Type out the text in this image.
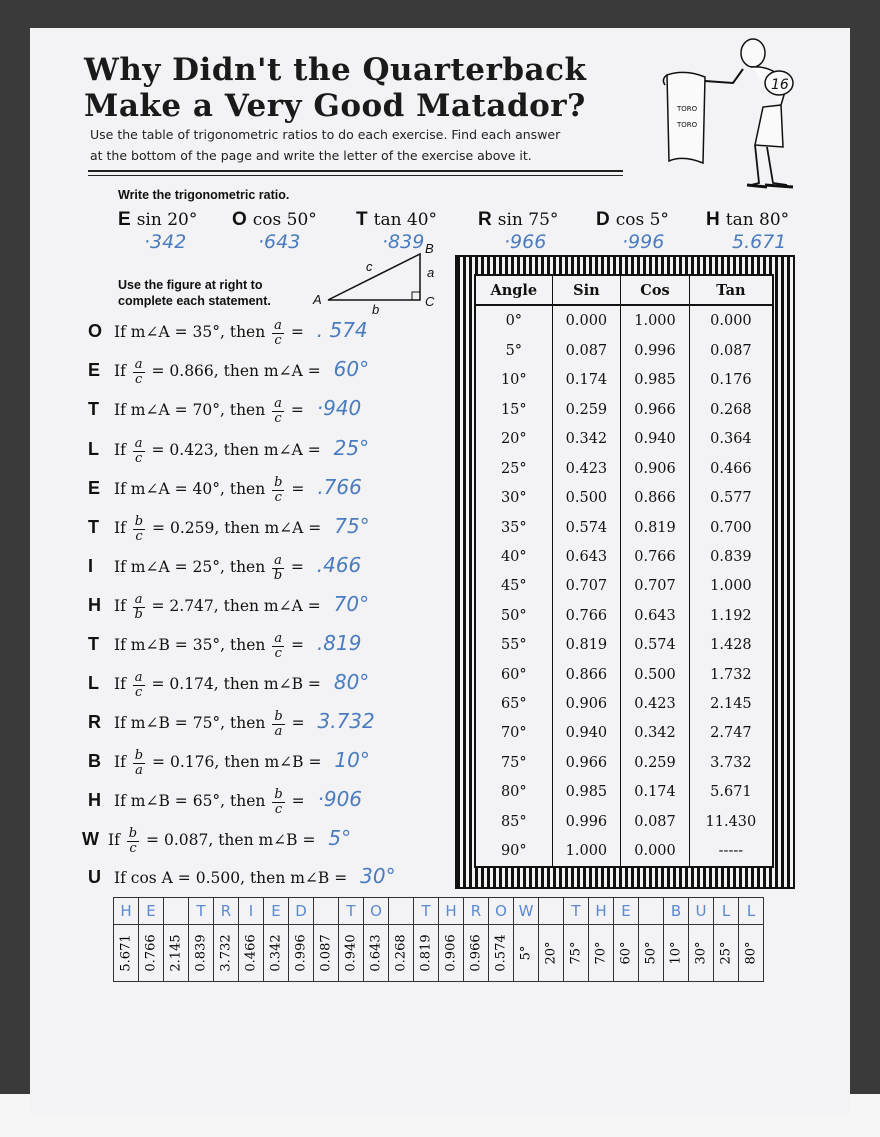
Why Didn't the Quarterback
Make a Very Good Matador?
Use the table of trigonometric ratios to do each exercise. Find each answer
at the bottom of the page and write the letter of the exercise above it.
TORO
TORO
16
Write the trigonometric ratio.
E sin 20°
·342
O cos 50°
·643
T tan 40°
·839
R sin 75°
·966
D cos 5°
·996
H tan 80°
5.671
Use the figure at right to
complete each statement.	A
B
C
a
b
c
O If m∠A = 35°, then $\frac{a}{c}$ = . 574
E If $\frac{a}{c} = 0.866$, then m∠A = 60°
T If m∠A = 70°, then $\frac{a}{c} = \cdot 940$
L If $\frac{a}{c} = 0.423$, then m∠A = 25°
E If m∠A = 40°, then $\frac{b}{c} = .766$
T If $\frac{b}{c} = 0.259$, then m∠A = 75°
I If m∠A = 25°, then $\frac{a}{b} = .466$
H If $\frac{a}{b} = 2.747$, then m∠A = 70°
T If m∠B = 35°, then $\frac{a}{c} = .819$
L If $\frac{a}{c} = 0.174$, then m∠B = 80°
R If m∠B = 75°, then $\frac{b}{a} = 3.732$
B If $\frac{b}{a} = 0.176$, then m∠B = 10°
H If m∠B = 65°, then $\frac{b}{c} = \cdot 906$
W If $\frac{b}{c} = 0.087$, then m∠B = 5°
U If cos A = 0.500, then m∠B = 30°
Angle	Sin	Cos	Tan
0°	0.000	1.000	0.000
5°	0.087	0.996	0.087
10°	0.174	0.985	0.176
15°	0.259	0.966	0.268
20°	0.342	0.940	0.364
25°	0.423	0.906	0.466
30°	0.500	0.866	0.577
35°	0.574	0.819	0.700
40°	0.643	0.766	0.839
45°	0.707	0.707	1.000
50°	0.766	0.643	1.192
55°	0.819	0.574	1.428
60°	0.866	0.500	1.732
65°	0.906	0.423	2.145
70°	0.940	0.342	2.747
75°	0.966	0.259	3.732
80°	0.985	0.174	5.671
85°	0.996	0.087	11.430
90°	1.000	0.000	-----
H	E		T	R	I	E	D		T	O		T	H	R	O	W		T	H	E		B	U	L	L

5.671	0.766	2.145	0.839	3.732	0.466	0.342	0.996	0.087	0.940	0.643	0.268	0.819	0.906	0.966	0.574	5°	20°	75°	70°	60°	50°	10°	30°	25°	80°
